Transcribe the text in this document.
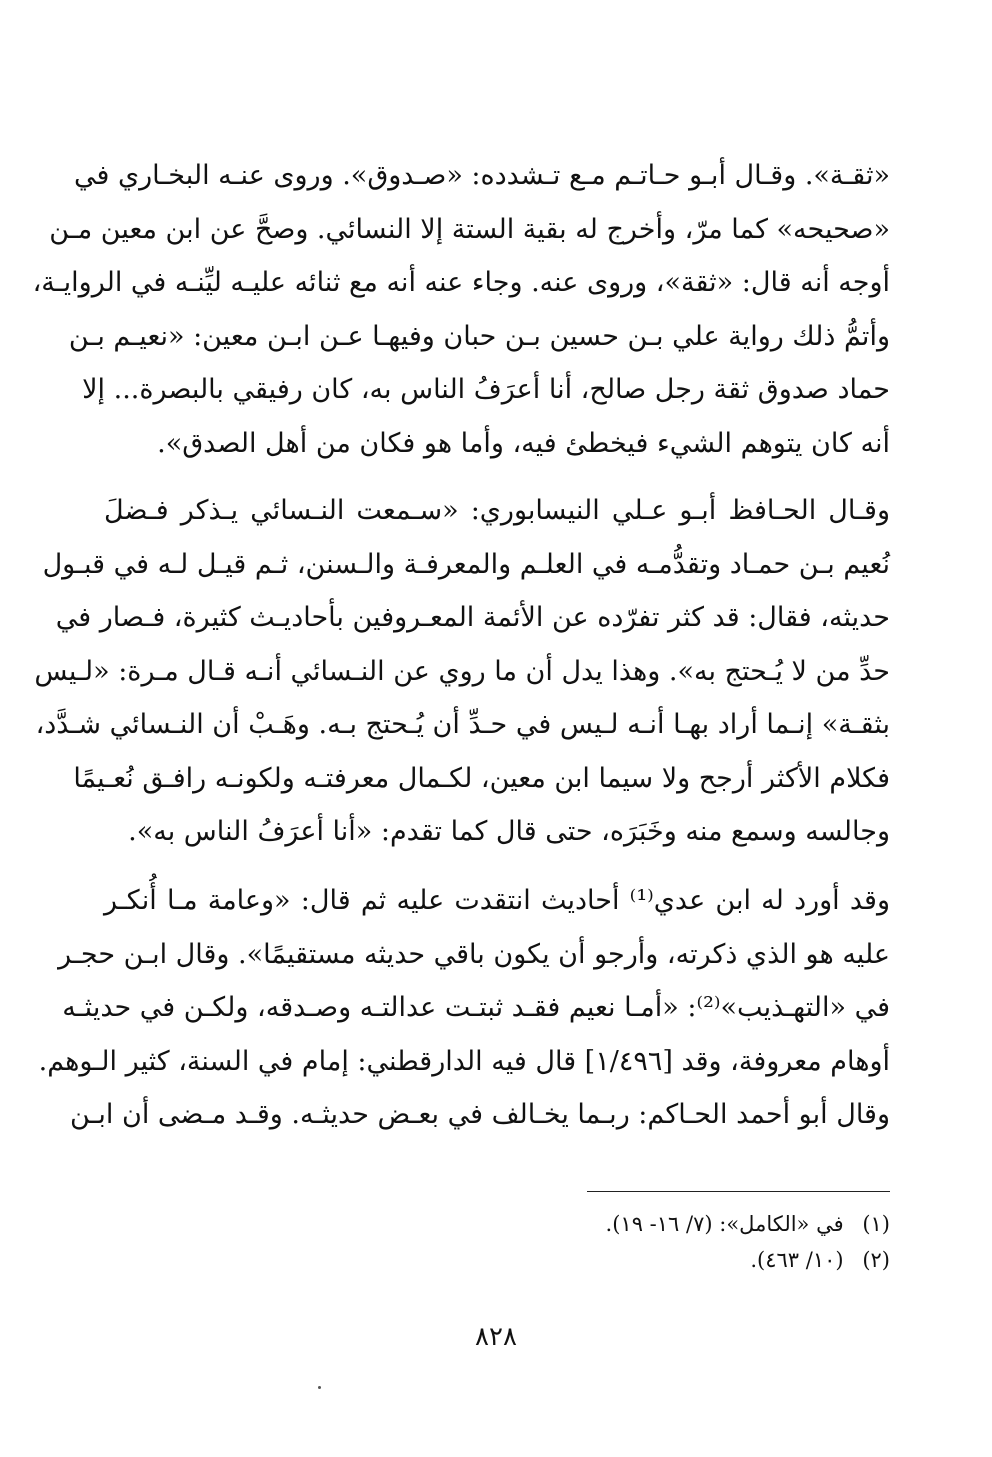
«ثقـة». وقـال أبـو حـاتـم مـع تـشدده: «صـدوق». وروى عنـه البخـاري في
«صحيحه» كما مرّ، وأخرج له بقية الستة إلا النسائي. وصحَّ عن ابن معين مـن
أوجه أنه قال: «ثقة»، وروى عنه. وجاء عنه أنه مع ثنائه عليـه ليِّنـه في الروايـة،
وأتمُّ ذلك رواية علي بـن حسين بـن حبان وفيهـا عـن ابـن معين: «نعيـم بـن
حماد صدوق ثقة رجل صالح، أنا أعرَفُ الناس به، كان رفيقي بالبصرة... إلا
أنه كان يتوهم الشيء فيخطئ فيه، وأما هو فكان من أهل الصدق».
وقـال الحـافظ أبـو عـلي النيسابوري: «سـمعت النـسائي يـذكر فـضلَ
نُعيم بـن حمـاد وتقدُّمـه في العلـم والمعرفـة والـسنن، ثـم قيـل لـه في قبـول
حديثه، فقال: قد كثر تفرّده عن الأئمة المعـروفين بأحاديـث كثيرة، فـصار في
حدِّ من لا يُـحتج به». وهذا يدل أن ما روي عن النـسائي أنـه قـال مـرة: «لـيس
بثقـة» إنـما أراد بهـا أنـه لـيس في حـدِّ أن يُـحتج بـه. وهَـبْ أن النـسائي شـدَّد،
فكلام الأكثر أرجح ولا سيما ابن معين، لكـمال معرفتـه ولكونـه رافـق نُعـيمًا
وجالسه وسمع منه وخَبَرَه، حتى قال كما تقدم: «أنا أعرَفُ الناس به».
وقد أورد له ابن عدي⁽¹⁾ أحاديث انتقدت عليه ثم قال: «وعامة مـا أُنكـر
عليه هو الذي ذكرته، وأرجو أن يكون باقي حديثه مستقيمًا». وقال ابـن حجـر
في «التهـذيب»⁽²⁾: «أمـا نعيم فقـد ثبتـت عدالتـه وصـدقه، ولكـن في حديثـه
أوهام معروفة، وقد [١/٤٩٦] قال فيه الدارقطني: إمام في السنة، كثير الـوهم.
وقال أبو أحمد الحـاكم: ربـما يخـالف في بعـض حديثـه. وقـد مـضى أن ابـن
(١) في «الكامل»: (٧/ ١٦- ١٩).
(٢) (١٠/ ٤٦٣).
٨٢٨
